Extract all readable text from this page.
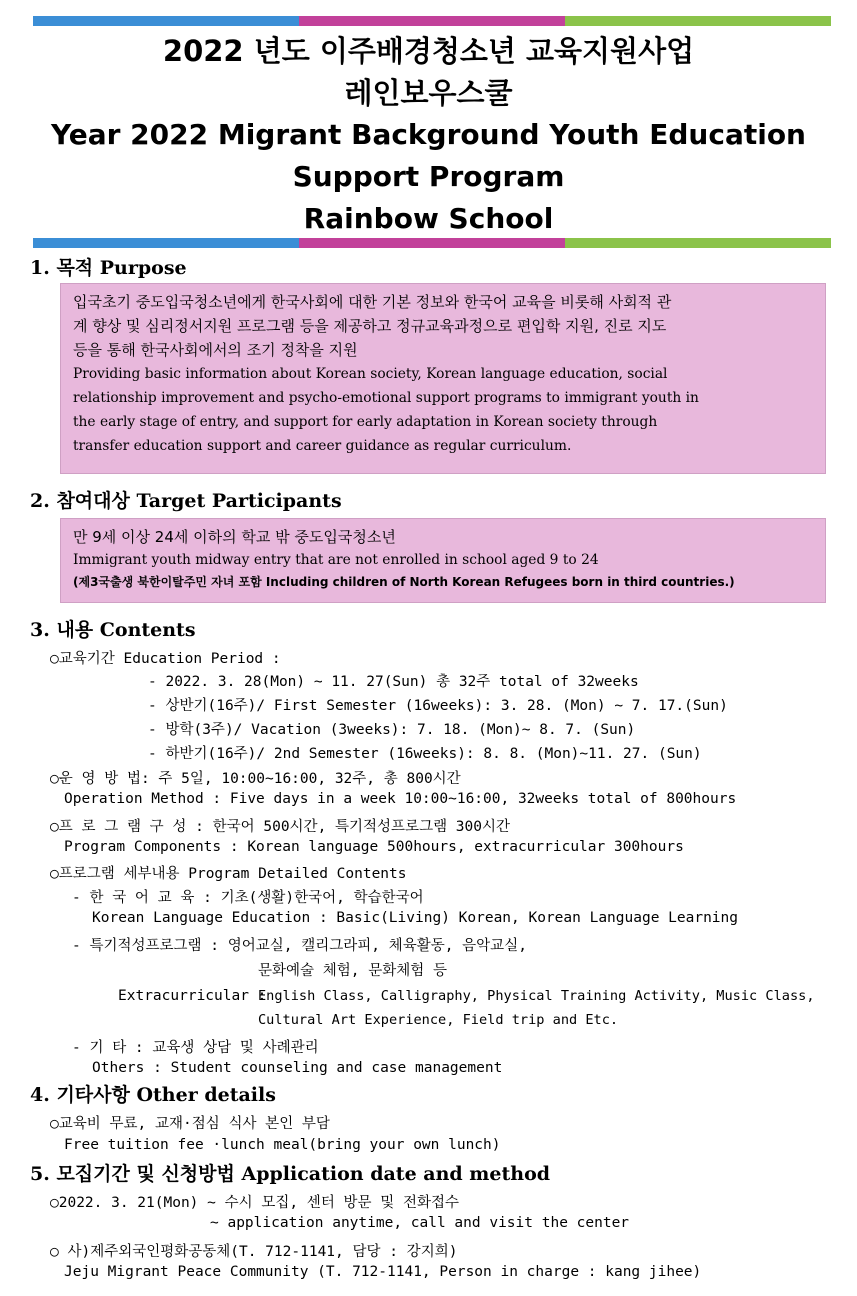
2022 년도 이주배경청소년 교육지원사업
레인보우스쿨
Year 2022 Migrant Background Youth Education
Support Program
Rainbow School
1. 목적 Purpose
입국초기 중도입국청소년에게 한국사회에 대한 기본 정보와 한국어 교육을 비롯해 사회적 관
계 향상 및 심리정서지원 프로그램 등을 제공하고 정규교육과정으로 편입학 지원, 진로 지도
등을 통해 한국사회에서의 조기 정착을 지원
Providing basic information about Korean society, Korean language education, social
relationship improvement and psycho-emotional support programs to immigrant youth in
the early stage of entry, and support for early adaptation in Korean society through
transfer education support and career guidance as regular curriculum.
2. 참여대상 Target Participants
만 9세 이상 24세 이하의 학교 밖 중도입국청소년
Immigrant youth midway entry that are not enrolled in school aged 9 to 24
(제3국출생 북한이탈주민 자녀 포함 Including children of North Korean Refugees born in third countries.)
3. 내용 Contents
○교육기간 Education Period :
- 2022. 3. 28(Mon) ~ 11. 27(Sun) 총 32주 total of 32weeks
- 상반기(16주)/ First Semester (16weeks): 3. 28. (Mon) ~ 7. 17.(Sun)
- 방학(3주)/ Vacation (3weeks): 7. 18. (Mon)~ 8. 7. (Sun)
- 하반기(16주)/ 2nd Semester (16weeks): 8. 8. (Mon)~11. 27. (Sun)
○운 영 방 법: 주 5일, 10:00~16:00, 32주, 총 800시간
Operation Method : Five days in a week 10:00~16:00, 32weeks total of 800hours
○프 로 그 램 구 성 : 한국어 500시간, 특기적성프로그램 300시간
Program Components : Korean language 500hours, extracurricular 300hours
○프로그램 세부내용 Program Detailed Contents
- 한 국 어 교 육 : 기초(생활)한국어, 학습한국어
Korean Language Education : Basic(Living) Korean, Korean Language Learning
- 특기적성프로그램 : 영어교실, 캘리그라피, 체육활동, 음악교실,
문화예술 체험, 문화체험 등
Extracurricular :
English Class, Calligraphy, Physical Training Activity, Music Class,
Cultural Art Experience, Field trip and Etc.
- 기 타 : 교육생 상담 및 사례관리
Others : Student counseling and case management
4. 기타사항 Other details
○교육비 무료, 교재·점심 식사 본인 부담
Free tuition fee ·lunch meal(bring your own lunch)
5. 모집기간 및 신청방법 Application date and method
○2022. 3. 21(Mon) ~ 수시 모집, 센터 방문 및 전화접수
~ application anytime, call and visit the center
○ 사)제주외국인평화공동체(T. 712-1141, 담당 : 강지희)
Jeju Migrant Peace Community (T. 712-1141, Person in charge : kang jihee)
